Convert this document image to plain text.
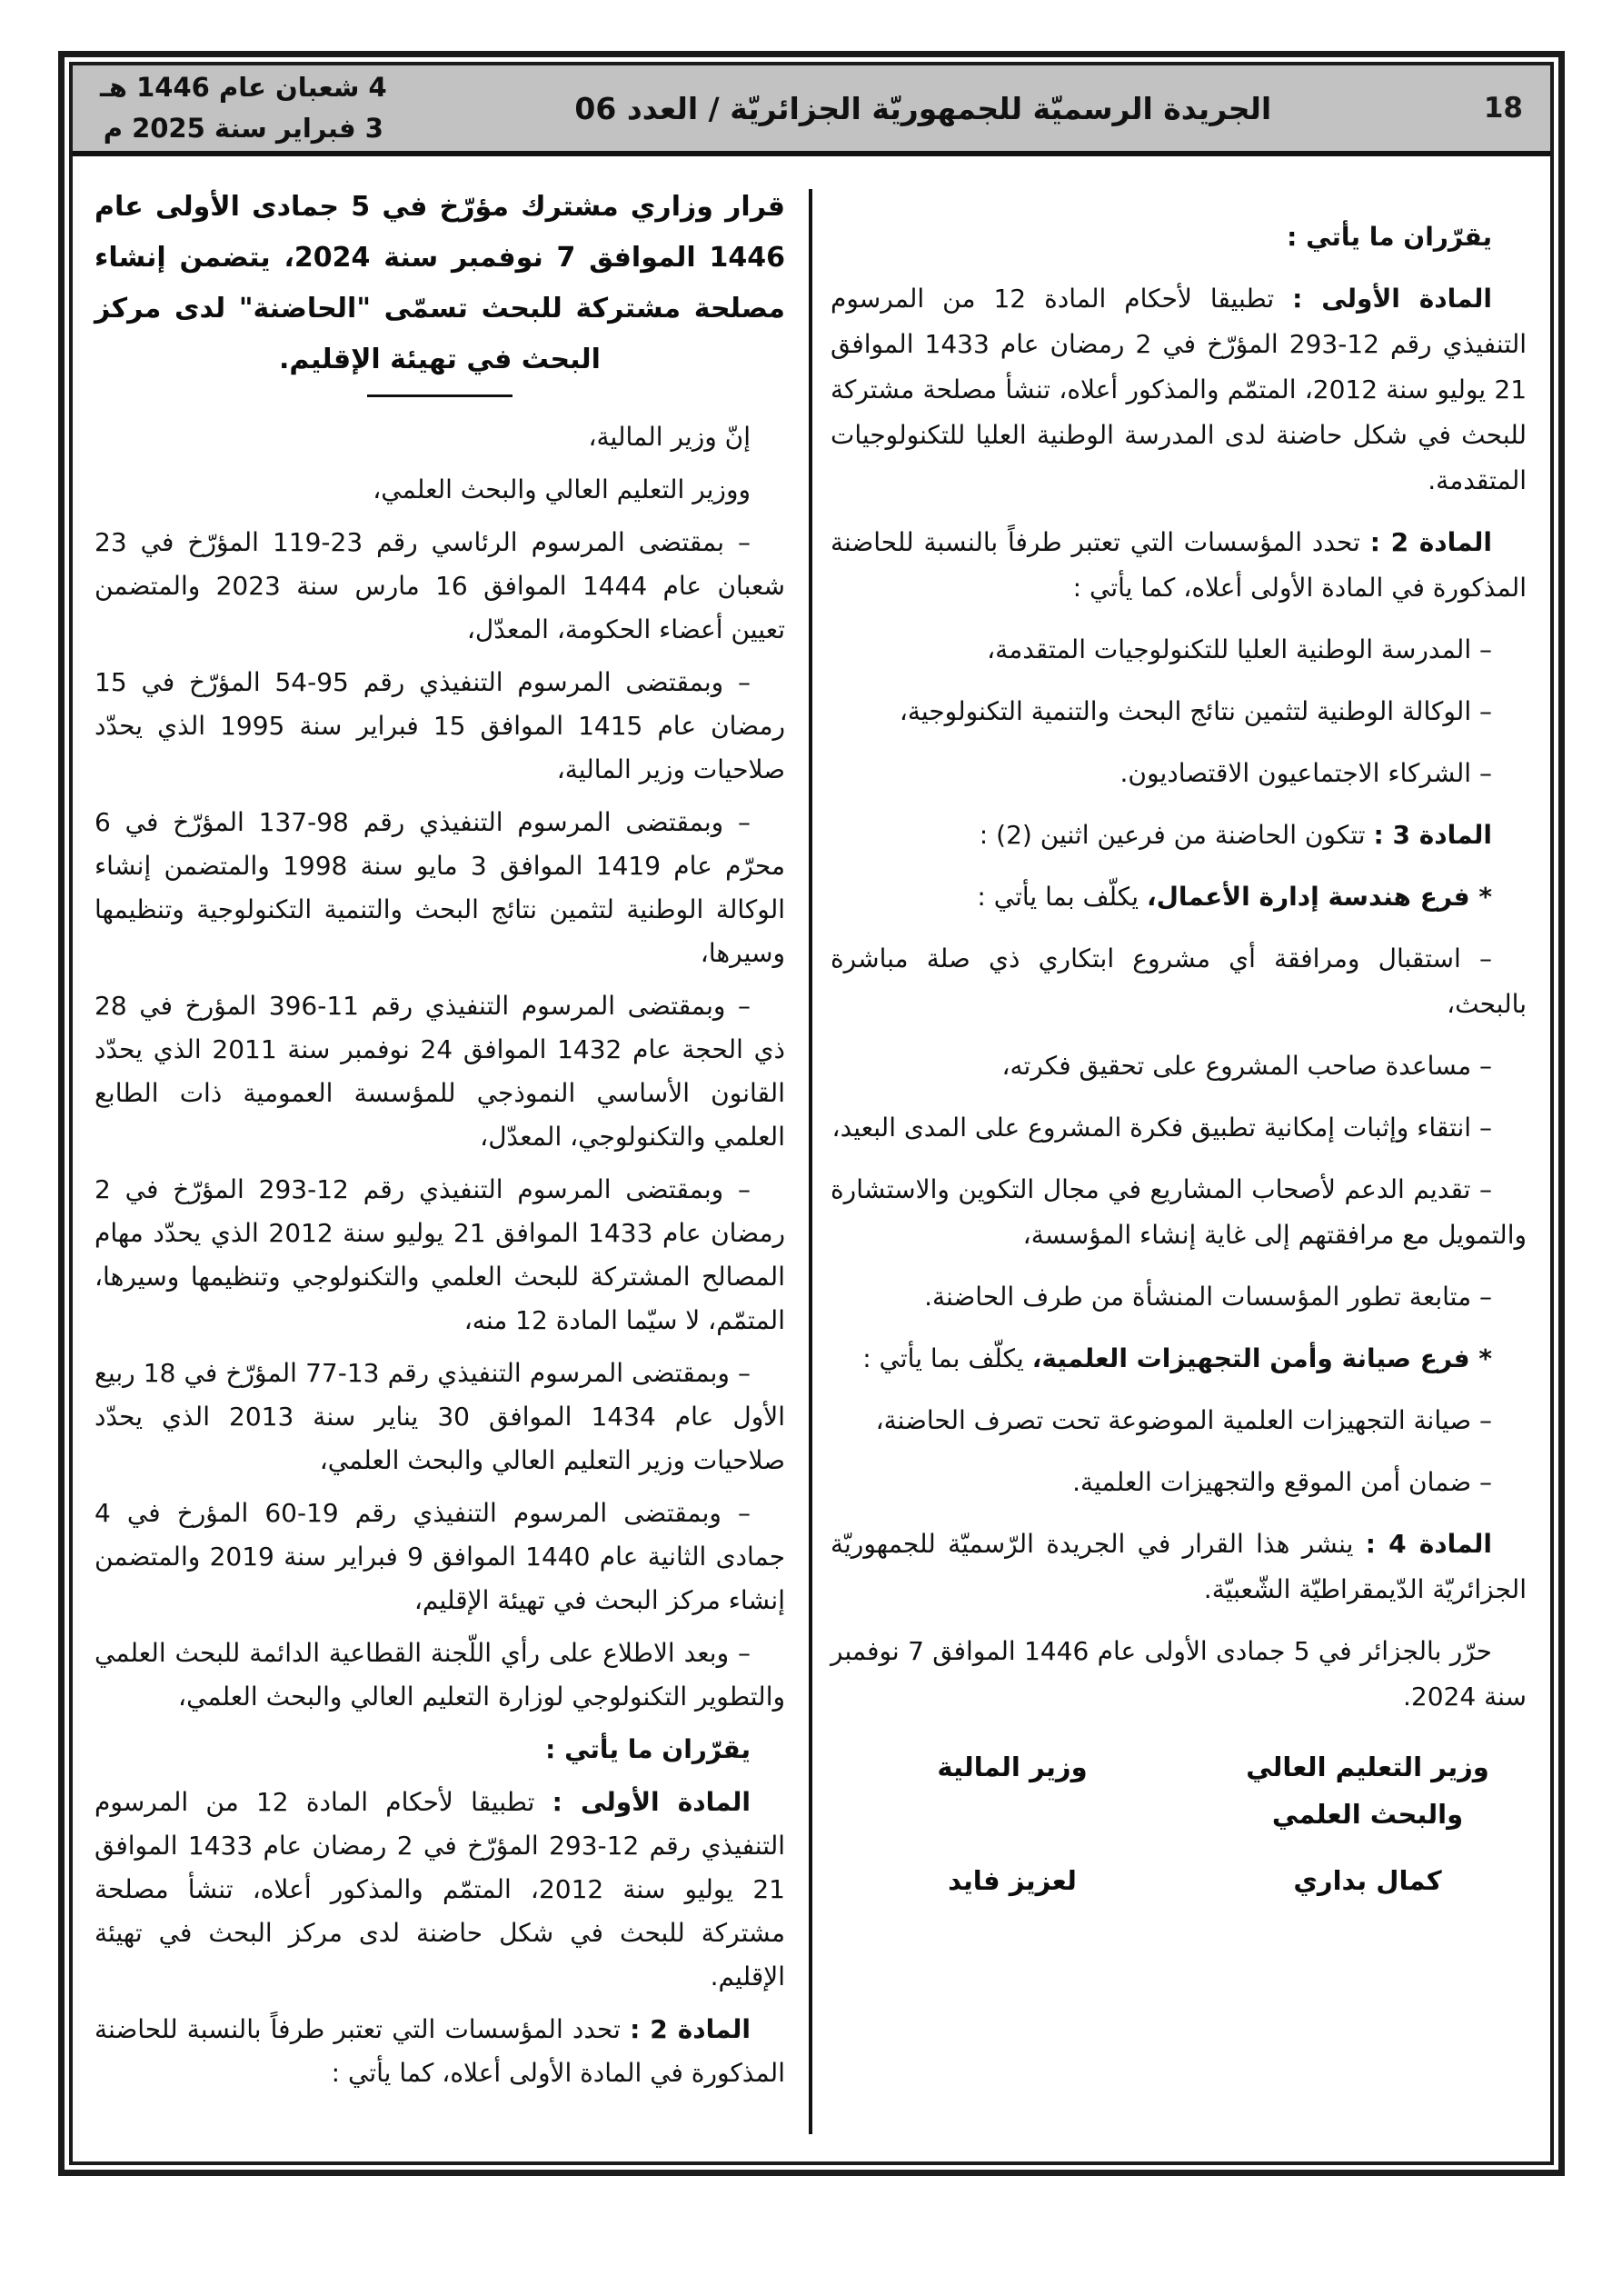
18
الجريدة الرسميّة للجمهوريّة الجزائريّة / العدد 06
4 شعبان عام 1446 هـ
3 فبراير سنة 2025 م

يقرّران ما يأتي :

المادة الأولى : تطبيقا لأحكام المادة 12 من المرسوم التنفيذي رقم 12-293 المؤرّخ في 2 رمضان عام 1433 الموافق 21 يوليو سنة 2012، المتمّم والمذكور أعلاه، تنشأ مصلحة مشتركة للبحث في شكل حاضنة لدى المدرسة الوطنية العليا للتكنولوجيات المتقدمة.

المادة 2 : تحدد المؤسسات التي تعتبر طرفاً بالنسبة للحاضنة المذكورة في المادة الأولى أعلاه، كما يأتي :

– المدرسة الوطنية العليا للتكنولوجيات المتقدمة،

– الوكالة الوطنية لتثمين نتائج البحث والتنمية التكنولوجية،

– الشركاء الاجتماعيون الاقتصاديون.

المادة 3 : تتكون الحاضنة من فرعين اثنين (2) :

* فرع هندسة إدارة الأعمال، يكلّف بما يأتي :

– استقبال ومرافقة أي مشروع ابتكاري ذي صلة مباشرة بالبحث،

– مساعدة صاحب المشروع على تحقيق فكرته،

– انتقاء وإثبات إمكانية تطبيق فكرة المشروع على المدى البعيد،

– تقديم الدعم لأصحاب المشاريع في مجال التكوين والاستشارة والتمويل مع مرافقتهم إلى غاية إنشاء المؤسسة،

– متابعة تطور المؤسسات المنشأة من طرف الحاضنة.

* فرع صيانة وأمن التجهيزات العلمية، يكلّف بما يأتي :

– صيانة التجهيزات العلمية الموضوعة تحت تصرف الحاضنة،

– ضمان أمن الموقع والتجهيزات العلمية.

المادة 4 : ينشر هذا القرار في الجريدة الرّسميّة للجمهوريّة الجزائريّة الدّيمقراطيّة الشّعبيّة.

حرّر بالجزائر في 5 جمادى الأولى عام 1446 الموافق 7 نوفمبر سنة 2024.

وزير التعليم العالي
والبحث العلمي
كمال بداري
وزير المالية
لعزيز فايد

قرار وزاري مشترك مؤرّخ في 5 جمادى الأولى عام 1446 الموافق 7 نوفمبر سنة 2024، يتضمن إنشاء مصلحة مشتركة للبحث تسمّى "الحاضنة" لدى مركز البحث في تهيئة الإقليم.

إنّ وزير المالية،

ووزير التعليم العالي والبحث العلمي،

– بمقتضى المرسوم الرئاسي رقم 23-119 المؤرّخ في 23 شعبان عام 1444 الموافق 16 مارس سنة 2023 والمتضمن تعيين أعضاء الحكومة، المعدّل،

– وبمقتضى المرسوم التنفيذي رقم 95-54 المؤرّخ في 15 رمضان عام 1415 الموافق 15 فبراير سنة 1995 الذي يحدّد صلاحيات وزير المالية،

– وبمقتضى المرسوم التنفيذي رقم 98-137 المؤرّخ في 6 محرّم عام 1419 الموافق 3 مايو سنة 1998 والمتضمن إنشاء الوكالة الوطنية لتثمين نتائج البحث والتنمية التكنولوجية وتنظيمها وسيرها،

– وبمقتضى المرسوم التنفيذي رقم 11-396 المؤرخ في 28 ذي الحجة عام 1432 الموافق 24 نوفمبر سنة 2011 الذي يحدّد القانون الأساسي النموذجي للمؤسسة العمومية ذات الطابع العلمي والتكنولوجي، المعدّل،

– وبمقتضى المرسوم التنفيذي رقم 12-293 المؤرّخ في 2 رمضان عام 1433 الموافق 21 يوليو سنة 2012 الذي يحدّد مهام المصالح المشتركة للبحث العلمي والتكنولوجي وتنظيمها وسيرها، المتمّم، لا سيّما المادة 12 منه،

– وبمقتضى المرسوم التنفيذي رقم 13-77 المؤرّخ في 18 ربيع الأول عام 1434 الموافق 30 يناير سنة 2013 الذي يحدّد صلاحيات وزير التعليم العالي والبحث العلمي،

– وبمقتضى المرسوم التنفيذي رقم 19-60 المؤرخ في 4 جمادى الثانية عام 1440 الموافق 9 فبراير سنة 2019 والمتضمن إنشاء مركز البحث في تهيئة الإقليم،

– وبعد الاطلاع على رأي اللّجنة القطاعية الدائمة للبحث العلمي والتطوير التكنولوجي لوزارة التعليم العالي والبحث العلمي،

يقرّران ما يأتي :

المادة الأولى : تطبيقا لأحكام المادة 12 من المرسوم التنفيذي رقم 12-293 المؤرّخ في 2 رمضان عام 1433 الموافق 21 يوليو سنة 2012، المتمّم والمذكور أعلاه، تنشأ مصلحة مشتركة للبحث في شكل حاضنة لدى مركز البحث في تهيئة الإقليم.

المادة 2 : تحدد المؤسسات التي تعتبر طرفاً بالنسبة للحاضنة المذكورة في المادة الأولى أعلاه، كما يأتي :
